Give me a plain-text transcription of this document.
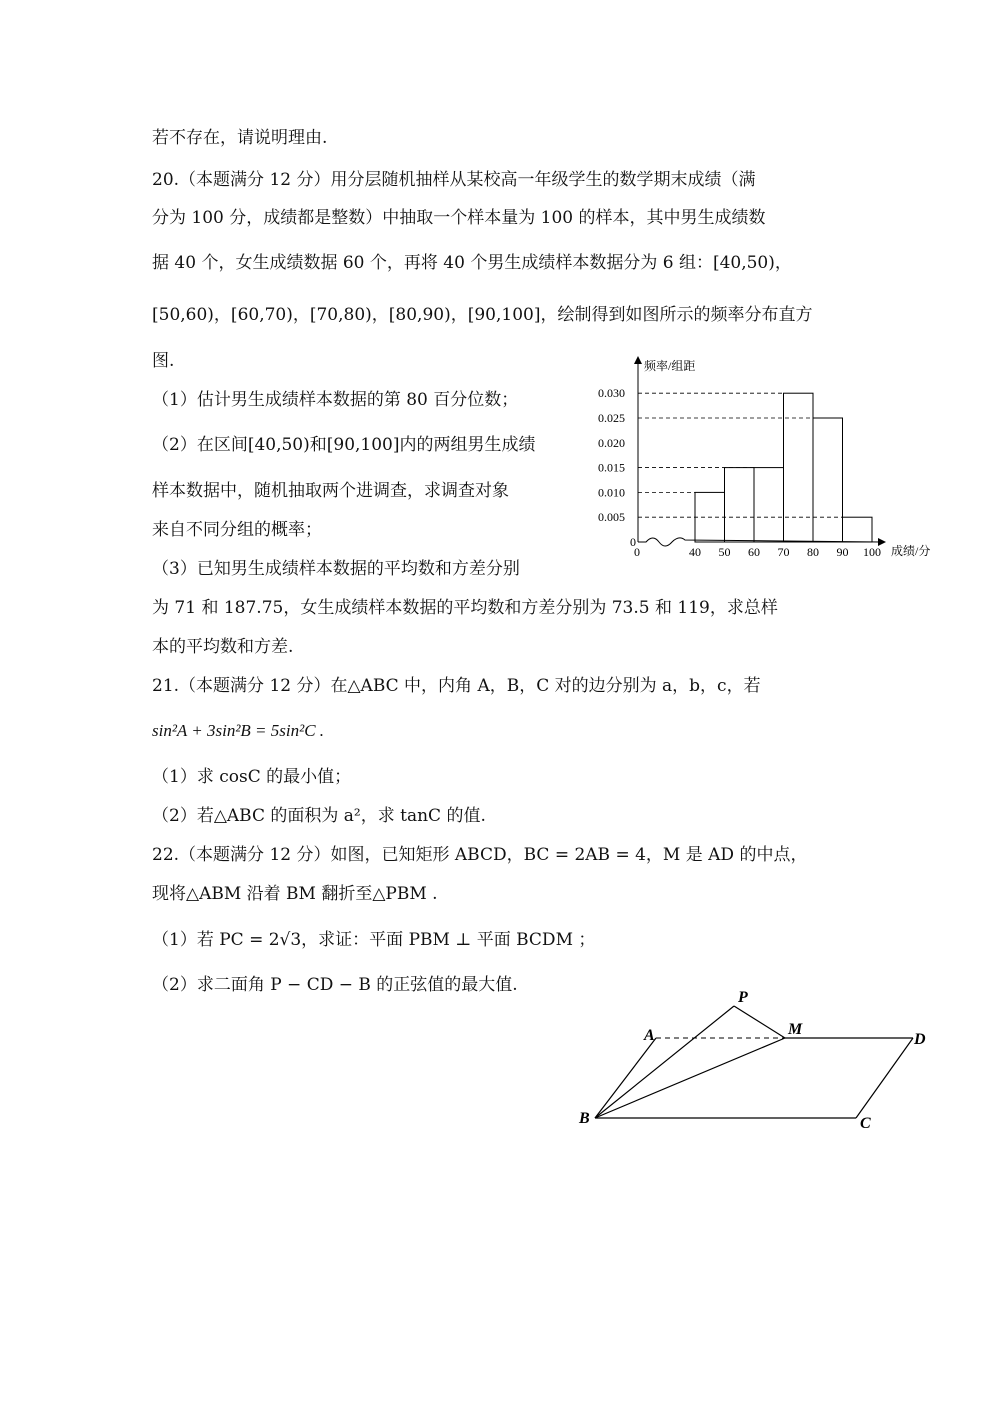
若不存在，请说明理由.
20.（本题满分 12 分）用分层随机抽样从某校高一年级学生的数学期末成绩（满
分为 100 分，成绩都是整数）中抽取一个样本量为 100 的样本，其中男生成绩数
据 40 个，女生成绩数据 60 个，再将 40 个男生成绩样本数据分为 6 组：[40,50)，
[50,60)，[60,70)，[70,80)，[80,90)，[90,100]，绘制得到如图所示的频率分布直方
图.
（1）估计男生成绩样本数据的第 80 百分位数；
（2）在区间[40,50)和[90,100]内的两组男生成绩
样本数据中，随机抽取两个进调查，求调查对象
来自不同分组的概率；
（3）已知男生成绩样本数据的平均数和方差分别
为 71 和 187.75，女生成绩样本数据的平均数和方差分别为 73.5 和 119，求总样
本的平均数和方差.
21.（本题满分 12 分）在△ABC 中，内角 A，B，C 对的边分别为 a，b，c，若
sin²A + 3sin²B = 5sin²C .
（1）求 cosC 的最小值；
（2）若△ABC 的面积为 a²，求 tanC 的值.
22.（本题满分 12 分）如图，已知矩形 ABCD，BC = 2AB = 4，M 是 AD 的中点，
现将△ABM 沿着 BM 翻折至△PBM .
（1）若 PC = 2√3，求证：平面 PBM ⊥ 平面 BCDM ；
（2）求二面角 P − CD − B 的正弦值的最大值.
频率/组距
成绩/分
0
0.005
0.010
0.015
0.020
0.025
0.030
0	40 50 60 70 80 90 100
P
A	M
D
B	C
